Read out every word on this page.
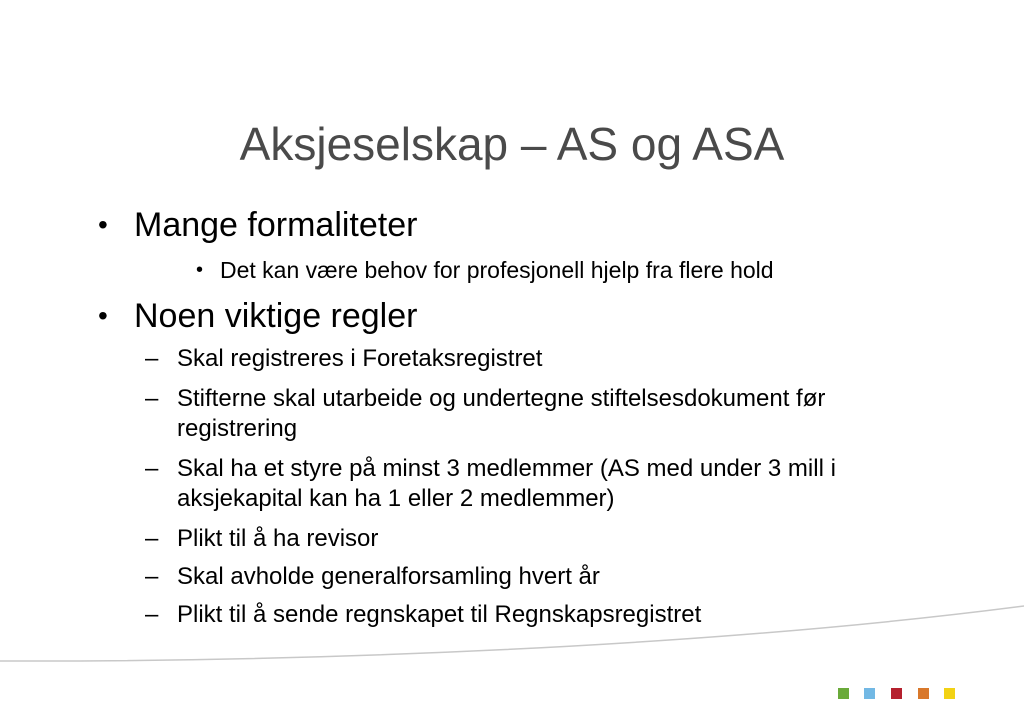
Aksjeselskap – AS og ASA
• Mange formaliteter
• Det kan være behov for profesjonell hjelp fra flere hold
• Noen viktige regler
– Skal registreres i Foretaksregistret
– Stifterne skal utarbeide og undertegne stiftelsesdokument før registrering
– Skal ha et styre på minst 3 medlemmer (AS med under 3 mill i aksjekapital kan ha 1 eller 2 medlemmer)
– Plikt til å ha revisor
– Skal avholde generalforsamling hvert år
– Plikt til å sende regnskapet til Regnskapsregistret
